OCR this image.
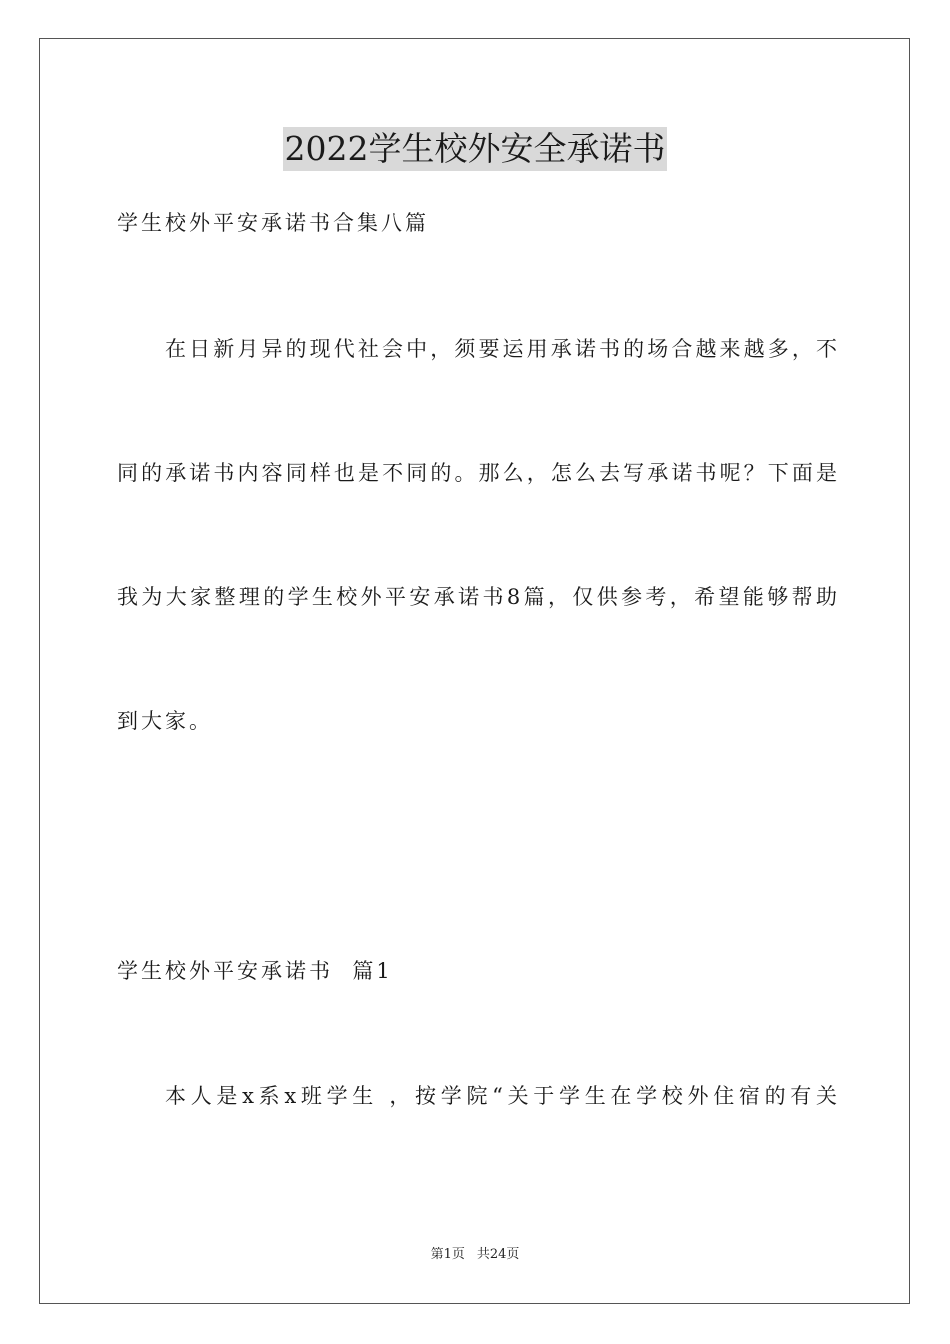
2022学生校外安全承诺书
学生校外平安承诺书合集八篇
在日新月异的现代社会中，须要运用承诺书的场合越来越多，不
同的承诺书内容同样也是不同的。那么，怎么去写承诺书呢？下面是
我为大家整理的学生校外平安承诺书8篇，仅供参考，希望能够帮助
到大家。
学生校外平安承诺书  篇1
本人是x系x班学生 ，按学院“关于学生在学校外住宿的有关
第1页 共24页
